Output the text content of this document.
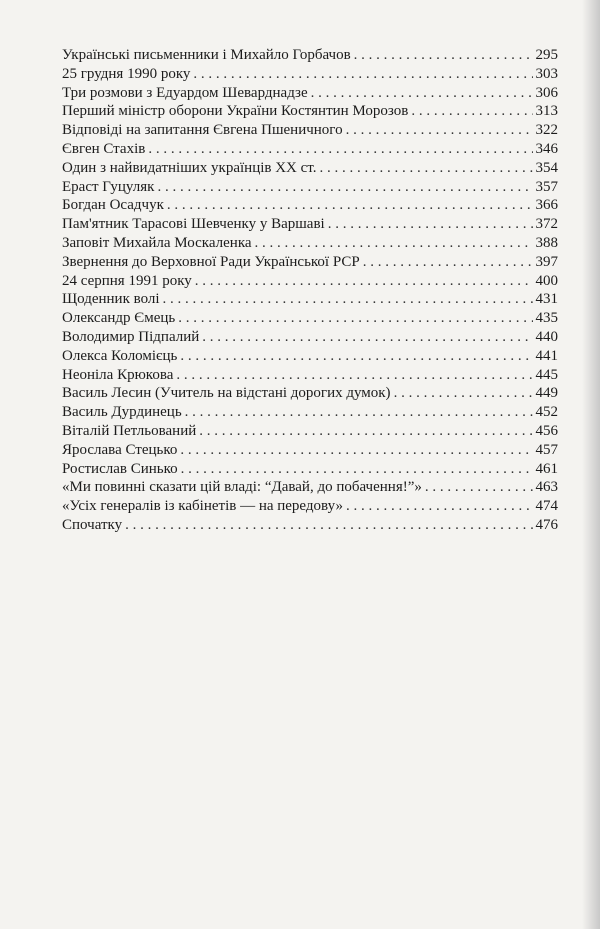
Українські письменники і Михайло Горбачов . . .	295
25 грудня 1990 року . . .	303
Три розмови з Едуардом Шеварднадзе . . .	306
Перший міністр оборони України Костянтин Морозов . . .	313
Відповіді на запитання Євгена Пшеничного . . .	322
Євген Стахів . . .	346
Один з найвидатніших українців XX ст. . . .	354
Ераст Гуцуляк . . .	357
Богдан Осадчук . . .	366
Пам'ятник Тарасові Шевченку у Варшаві . . .	372
Заповіт Михайла Москаленка . . .	388
Звернення до Верховної Ради Української РСР . . .	397
24 серпня 1991 року . . .	400
Щоденник волі . . .	431
Олександр Ємець . . .	435
Володимир Підпалий . . .	440
Олекса Коломієць . . .	441
Неоніла Крюкова . . .	445
Василь Лесин (Учитель на відстані дорогих думок) . . .	449
Василь Дурдинець . . .	452
Віталій Петльований . . .	456
Ярослава Стецько . . .	457
Ростислав Синько . . .	461
«Ми повинні сказати цій владі: “Давай, до побачення!”» . . .	463
«Усіх генералів із кабінетів — на передову» . . .	474
Спочатку . . .	476
